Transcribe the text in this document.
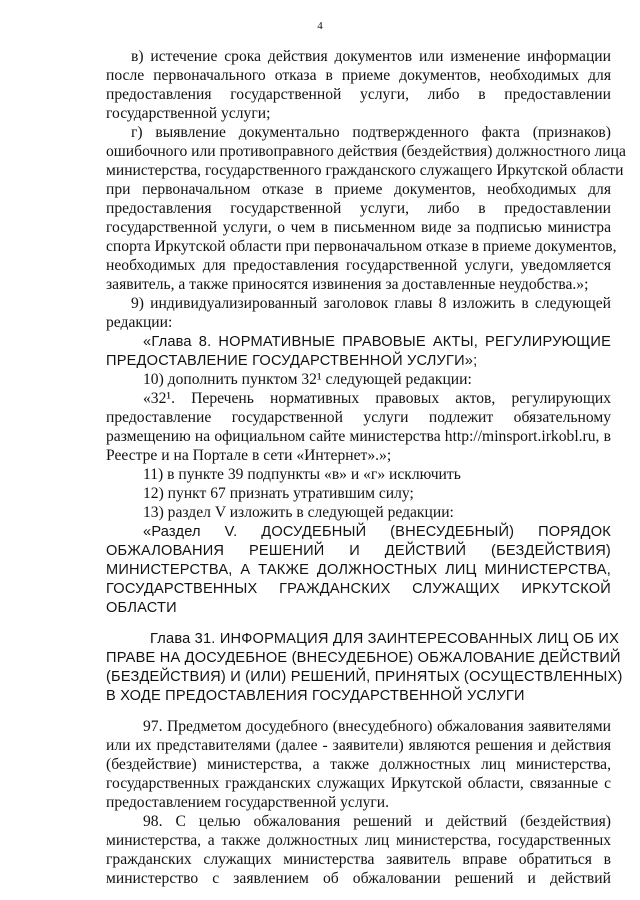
4
в) истечение срока действия документов или изменение информации
после первоначального отказа в приеме документов, необходимых для
предоставления государственной услуги, либо в предоставлении
государственной услуги;
г) выявление документально подтвержденного факта (признаков)
ошибочного или противоправного действия (бездействия) должностного лица
министерства, государственного гражданского служащего Иркутской области
при первоначальном отказе в приеме документов, необходимых для
предоставления государственной услуги, либо в предоставлении
государственной услуги, о чем в письменном виде за подписью министра
спорта Иркутской области при первоначальном отказе в приеме документов,
необходимых для предоставления государственной услуги, уведомляется
заявитель, а также приносятся извинения за доставленные неудобства.»;
9) индивидуализированный заголовок главы 8 изложить в следующей
редакции:
«Глава 8. НОРМАТИВНЫЕ ПРАВОВЫЕ АКТЫ, РЕГУЛИРУЮЩИЕ
ПРЕДОСТАВЛЕНИЕ ГОСУДАРСТВЕННОЙ УСЛУГИ»;
10) дополнить пунктом 32¹ следующей редакции:
«32¹. Перечень нормативных правовых актов, регулирующих
предоставление государственной услуги подлежит обязательному
размещению на официальном сайте министерства http://minsport.irkobl.ru, в
Реестре и на Портале в сети «Интернет».»;
11) в пункте 39 подпункты «в» и «г» исключить
12) пункт 67 признать утратившим силу;
13) раздел V изложить в следующей редакции:
«Раздел V. ДОСУДЕБНЫЙ (ВНЕСУДЕБНЫЙ) ПОРЯДОК
ОБЖАЛОВАНИЯ РЕШЕНИЙ И ДЕЙСТВИЙ (БЕЗДЕЙСТВИЯ)
МИНИСТЕРСТВА, А ТАКЖЕ ДОЛЖНОСТНЫХ ЛИЦ МИНИСТЕРСТВА,
ГОСУДАРСТВЕННЫХ ГРАЖДАНСКИХ СЛУЖАЩИХ ИРКУТСКОЙ
ОБЛАСТИ
Глава 31. ИНФОРМАЦИЯ ДЛЯ ЗАИНТЕРЕСОВАННЫХ ЛИЦ ОБ ИХ
ПРАВЕ НА ДОСУДЕБНОЕ (ВНЕСУДЕБНОЕ) ОБЖАЛОВАНИЕ ДЕЙСТВИЙ
(БЕЗДЕЙСТВИЯ) И (ИЛИ) РЕШЕНИЙ, ПРИНЯТЫХ (ОСУЩЕСТВЛЕННЫХ)
В ХОДЕ ПРЕДОСТАВЛЕНИЯ ГОСУДАРСТВЕННОЙ УСЛУГИ
97. Предметом досудебного (внесудебного) обжалования заявителями
или их представителями (далее - заявители) являются решения и действия
(бездействие) министерства, а также должностных лиц министерства,
государственных гражданских служащих Иркутской области, связанные с
предоставлением государственной услуги.
98. С целью обжалования решений и действий (бездействия)
министерства, а также должностных лиц министерства, государственных
гражданских служащих министерства заявитель вправе обратиться в
министерство с заявлением об обжаловании решений и действий
